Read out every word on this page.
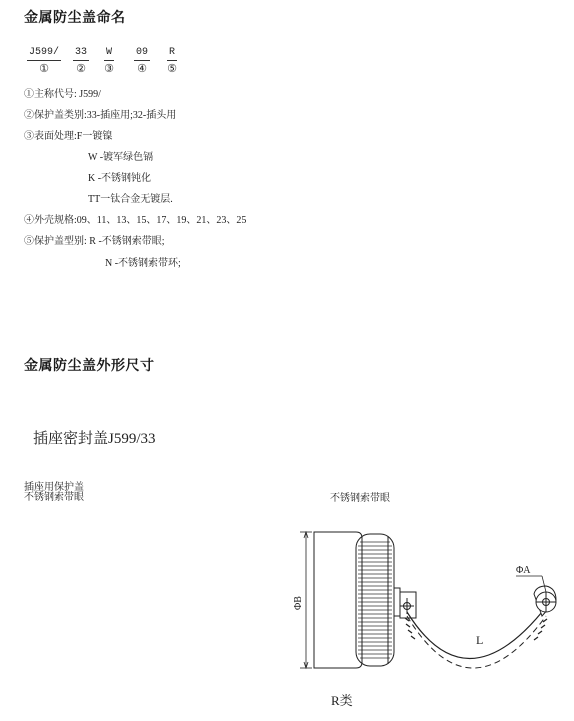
金属防尘盖命名
J599/
①
33
②
W
③
09
④
R
⑤
①主称代号: J599/
②保护盖类别:33-插座用;32-插头用
③表面处理:F一镀镍
W -镀军绿色镉
K -不锈钢钝化
TT一钛合金无镀层.
④外壳规格:09、11、13、15、17、19、21、23、25
⑤保护盖型别: R -不锈钢索带眼;
N -不锈钢索带环;
金属防尘盖外形尺寸
插座密封盖J599/33
插座用保护盖
不锈钢索带眼	不锈钢索带眼
ΦB
ΦA
L
R类
